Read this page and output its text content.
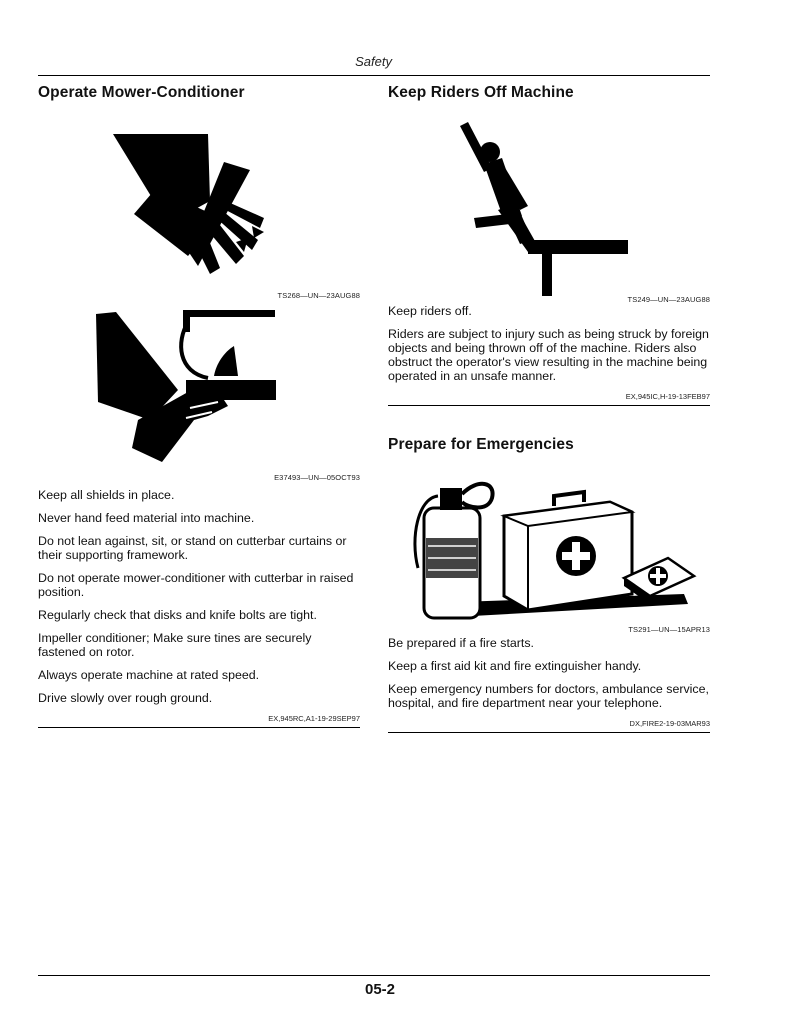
Safety
Operate Mower-Conditioner
TS268—UN—23AUG88
E37493—UN—05OCT93

Keep all shields in place.

Never hand feed material into machine.

Do not lean against, sit, or stand on cutterbar curtains or their supporting framework.

Do not operate mower-conditioner with cutterbar in raised position.

Regularly check that disks and knife bolts are tight.

Impeller conditioner; Make sure tines are securely fastened on rotor.

Always operate machine at rated speed.

Drive slowly over rough ground.

EX,945RC,A1-19-29SEP97
Keep Riders Off Machine
TS249—UN—23AUG88

Keep riders off.

Riders are subject to injury such as being struck by foreign objects and being thrown off of the machine. Riders also obstruct the operator's view resulting in the machine being operated in an unsafe manner.

EX,945IC,H-19-13FEB97
Prepare for Emergencies
TS291—UN—15APR13

Be prepared if a fire starts.

Keep a first aid kit and fire extinguisher handy.

Keep emergency numbers for doctors, ambulance service, hospital, and fire department near your telephone.

DX,FIRE2-19-03MAR93
05-2
